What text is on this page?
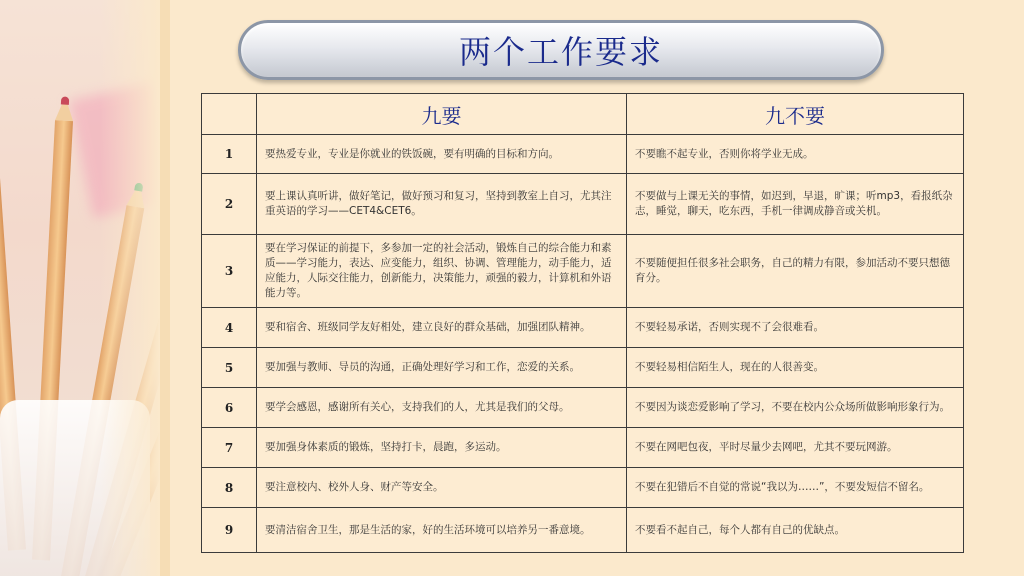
两个工作要求
	九要	九不要
1	要热爱专业，专业是你就业的铁饭碗，要有明确的目标和方向。	不要瞧不起专业，否则你将学业无成。
2	要上课认真听讲，做好笔记，做好预习和复习，坚持到教室上自习，尤其注重英语的学习——CET4&CET6。	不要做与上课无关的事情，如迟到，早退，旷课；听mp3，看报纸杂志，睡觉，聊天，吃东西，手机一律调成静音或关机。
3	要在学习保证的前提下，多参加一定的社会活动，锻炼自己的综合能力和素质——学习能力，表达、应变能力，组织、协调、管理能力，动手能力，适应能力，人际交往能力，创新能力，决策能力，顽强的毅力，计算机和外语能力等。	不要随便担任很多社会职务，自己的精力有限，参加活动不要只想德育分。
4	要和宿舍、班级同学友好相处，建立良好的群众基础，加强团队精神。	不要轻易承诺，否则实现不了会很难看。
5	要加强与教师、导员的沟通，正确处理好学习和工作，恋爱的关系。	不要轻易相信陌生人，现在的人很善变。
6	要学会感恩，感谢所有关心，支持我们的人，尤其是我们的父母。	不要因为谈恋爱影响了学习，不要在校内公众场所做影响形象行为。
7	要加强身体素质的锻炼，坚持打卡，晨跑，多运动。	不要在网吧包夜，平时尽量少去网吧，尤其不要玩网游。
8	要注意校内、校外人身、财产等安全。	不要在犯错后不自觉的常说“我以为……”，不要发短信不留名。
9	要清洁宿舍卫生，那是生活的家，好的生活环境可以培养另一番意境。	不要看不起自己，每个人都有自己的优缺点。
